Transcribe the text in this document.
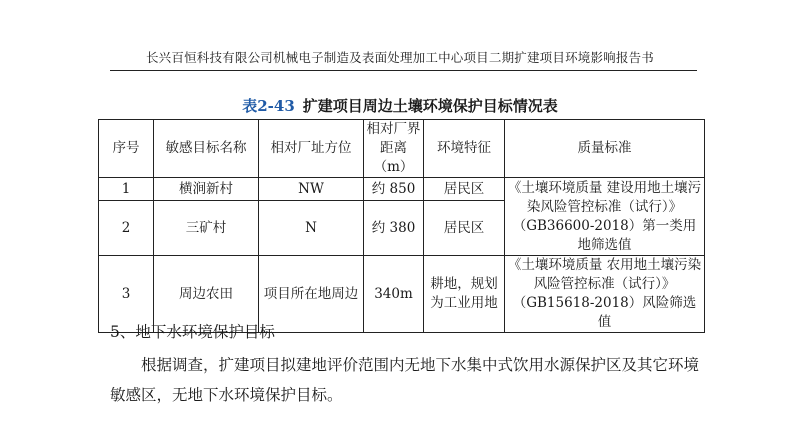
长兴百恒科技有限公司机械电子制造及表面处理加工中心项目二期扩建项目环境影响报告书
表2-43 扩建项目周边土壤环境保护目标情况表
序号	敏感目标名称	相对厂址方位	相对厂界距离（m）	环境特征	质量标准
1	横涧新村	NW	约 850	居民区	《土壤环境质量 建设用地土壤污染风险管控标准（试行）》（GB36600-2018）第一类用地筛选值
2	三矿村	N	约 380	居民区	
3	周边农田	项目所在地周边	340m	耕地，规划为工业用地	《土壤环境质量 农用地土壤污染风险管控标准（试行）》（GB15618-2018）风险筛选值
5、地下水环境保护目标
根据调查，扩建项目拟建地评价范围内无地下水集中式饮用水源保护区及其它环境敏感区，无地下水环境保护目标。
